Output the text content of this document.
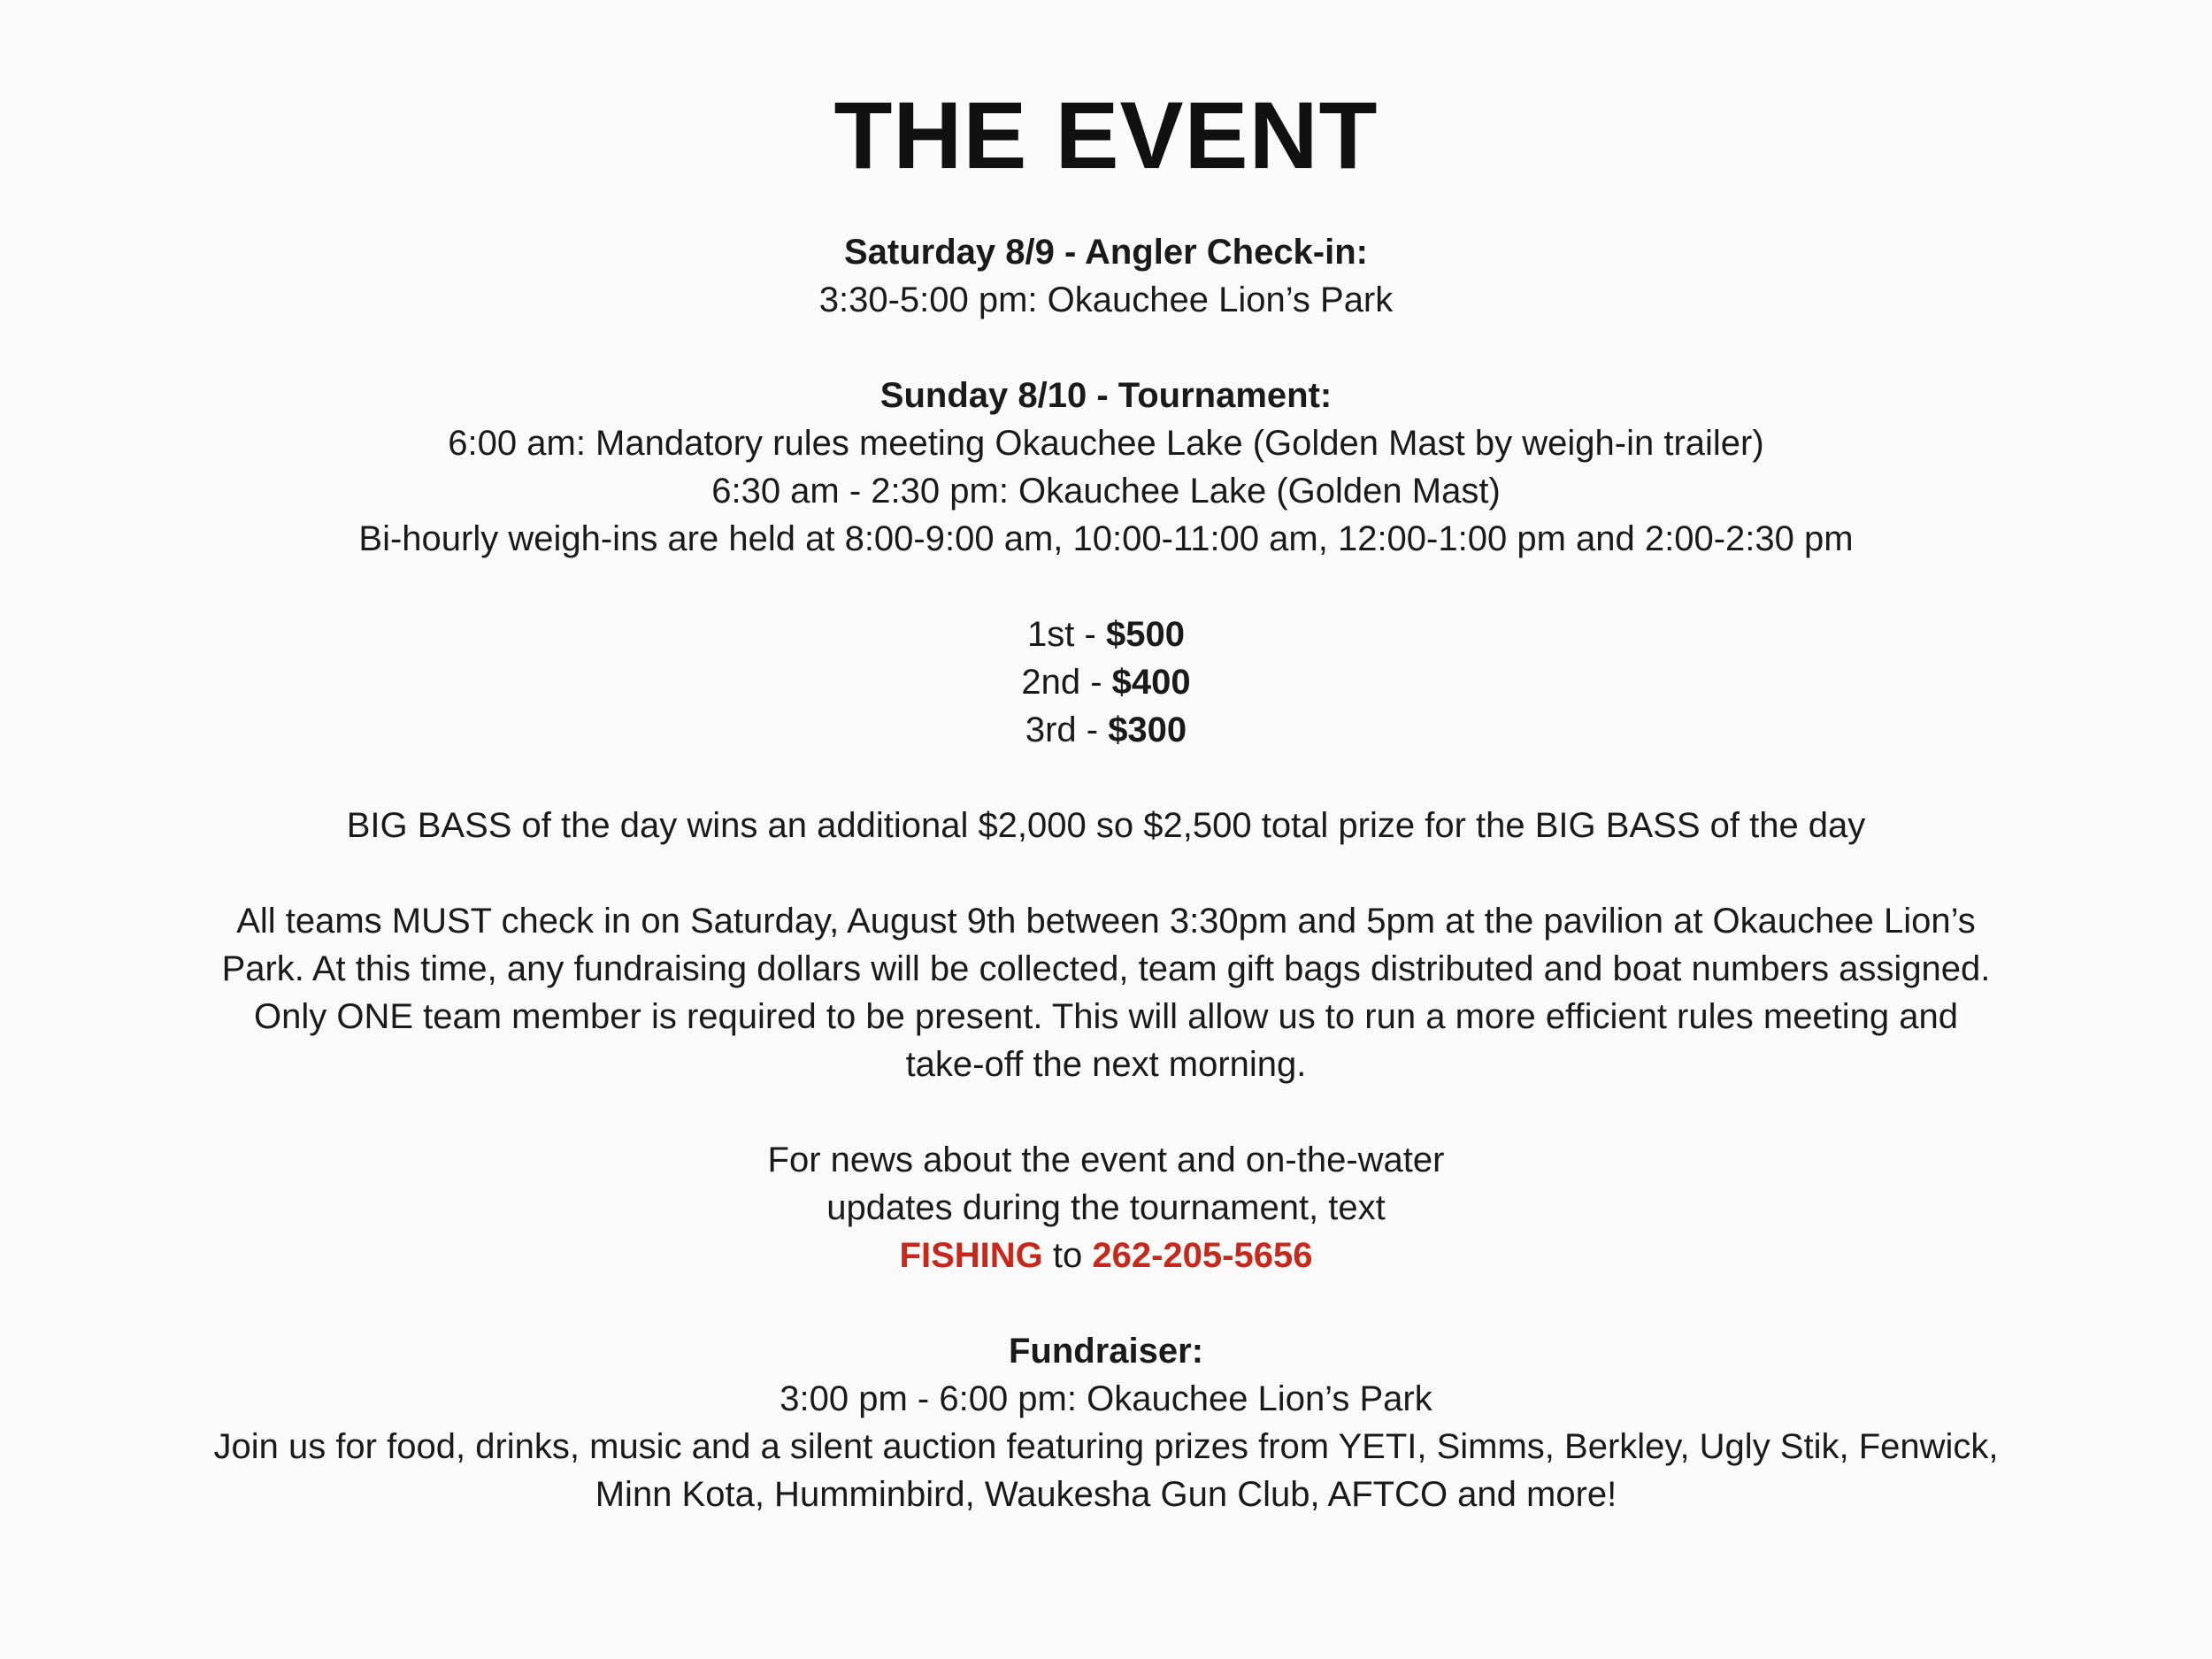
THE EVENT
Saturday 8/9 - Angler Check-in:
3:30-5:00 pm: Okauchee Lion’s Park
Sunday 8/10 - Tournament:
6:00 am: Mandatory rules meeting Okauchee Lake (Golden Mast by weigh-in trailer)
6:30 am - 2:30 pm: Okauchee Lake (Golden Mast)
Bi-hourly weigh-ins are held at 8:00-9:00 am, 10:00-11:00 am, 12:00-1:00 pm and 2:00-2:30 pm
1st - $500
2nd - $400
3rd - $300
BIG BASS of the day wins an additional $2,000 so $2,500 total prize for the BIG BASS of the day
All teams MUST check in on Saturday, August 9th between 3:30pm and 5pm at the pavilion at Okauchee Lion’s
Park. At this time, any fundraising dollars will be collected, team gift bags distributed and boat numbers assigned.
Only ONE team member is required to be present. This will allow us to run a more efficient rules meeting and
take-off the next morning.
For news about the event and on-the-water
updates during the tournament, text
FISHING to 262-205-5656
Fundraiser:
3:00 pm - 6:00 pm: Okauchee Lion’s Park
Join us for food, drinks, music and a silent auction featuring prizes from YETI, Simms, Berkley, Ugly Stik, Fenwick,
Minn Kota, Humminbird, Waukesha Gun Club, AFTCO and more!
